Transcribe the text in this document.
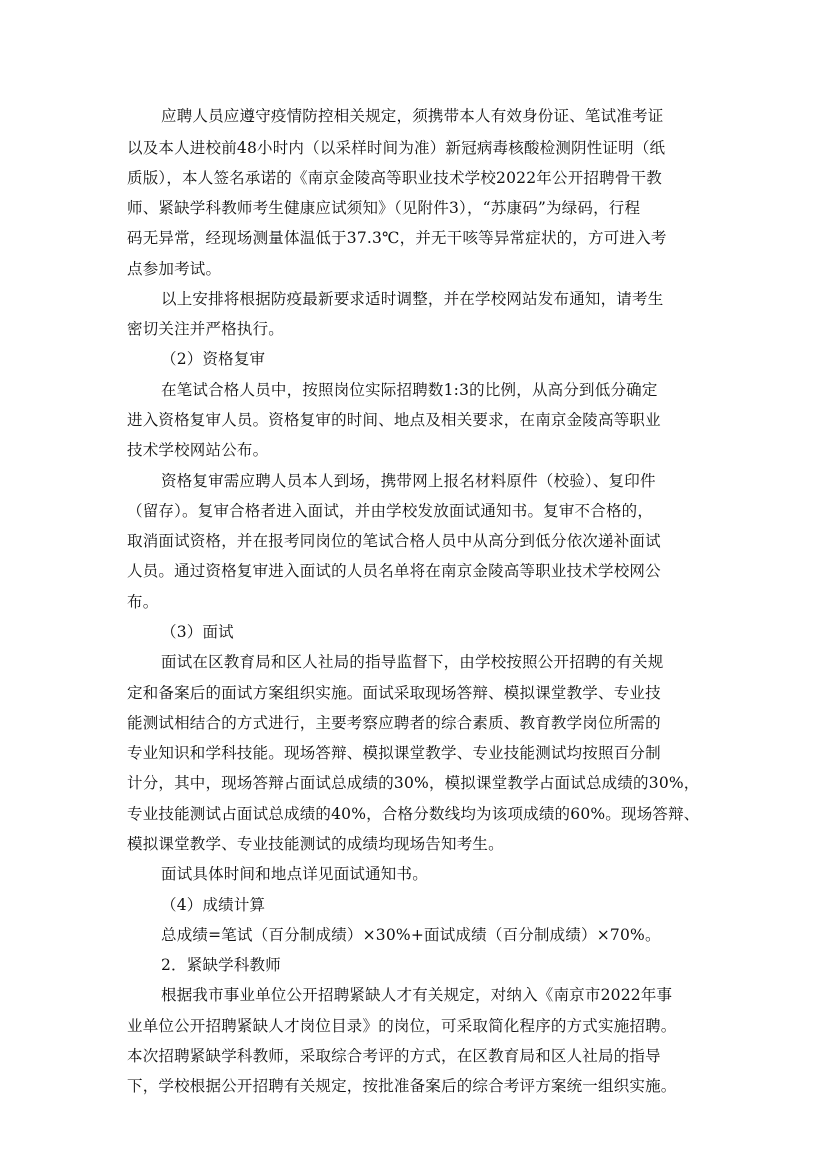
应聘人员应遵守疫情防控相关规定，须携带本人有效身份证、笔试准考证
以及本人进校前48小时内（以采样时间为准）新冠病毒核酸检测阴性证明（纸
质版），本人签名承诺的《南京金陵高等职业技术学校2022年公开招聘骨干教
师、紧缺学科教师考生健康应试须知》（见附件3），“苏康码”为绿码，行程
码无异常，经现场测量体温低于37.3℃，并无干咳等异常症状的，方可进入考
点参加考试。
以上安排将根据防疫最新要求适时调整，并在学校网站发布通知，请考生
密切关注并严格执行。
（2）资格复审
在笔试合格人员中，按照岗位实际招聘数1:3的比例，从高分到低分确定
进入资格复审人员。资格复审的时间、地点及相关要求，在南京金陵高等职业
技术学校网站公布。
资格复审需应聘人员本人到场，携带网上报名材料原件（校验）、复印件
（留存）。复审合格者进入面试，并由学校发放面试通知书。复审不合格的，
取消面试资格，并在报考同岗位的笔试合格人员中从高分到低分依次递补面试
人员。通过资格复审进入面试的人员名单将在南京金陵高等职业技术学校网公
布。
（3）面试
面试在区教育局和区人社局的指导监督下，由学校按照公开招聘的有关规
定和备案后的面试方案组织实施。面试采取现场答辩、模拟课堂教学、专业技
能测试相结合的方式进行，主要考察应聘者的综合素质、教育教学岗位所需的
专业知识和学科技能。现场答辩、模拟课堂教学、专业技能测试均按照百分制
计分，其中，现场答辩占面试总成绩的30%，模拟课堂教学占面试总成绩的30%，
专业技能测试占面试总成绩的40%，合格分数线均为该项成绩的60%。现场答辩、
模拟课堂教学、专业技能测试的成绩均现场告知考生。
面试具体时间和地点详见面试通知书。
（4）成绩计算
总成绩=笔试（百分制成绩）×30%+面试成绩（百分制成绩）×70%。
2．紧缺学科教师
根据我市事业单位公开招聘紧缺人才有关规定，对纳入《南京市2022年事
业单位公开招聘紧缺人才岗位目录》的岗位，可采取简化程序的方式实施招聘。
本次招聘紧缺学科教师，采取综合考评的方式，在区教育局和区人社局的指导
下，学校根据公开招聘有关规定，按批准备案后的综合考评方案统一组织实施。
